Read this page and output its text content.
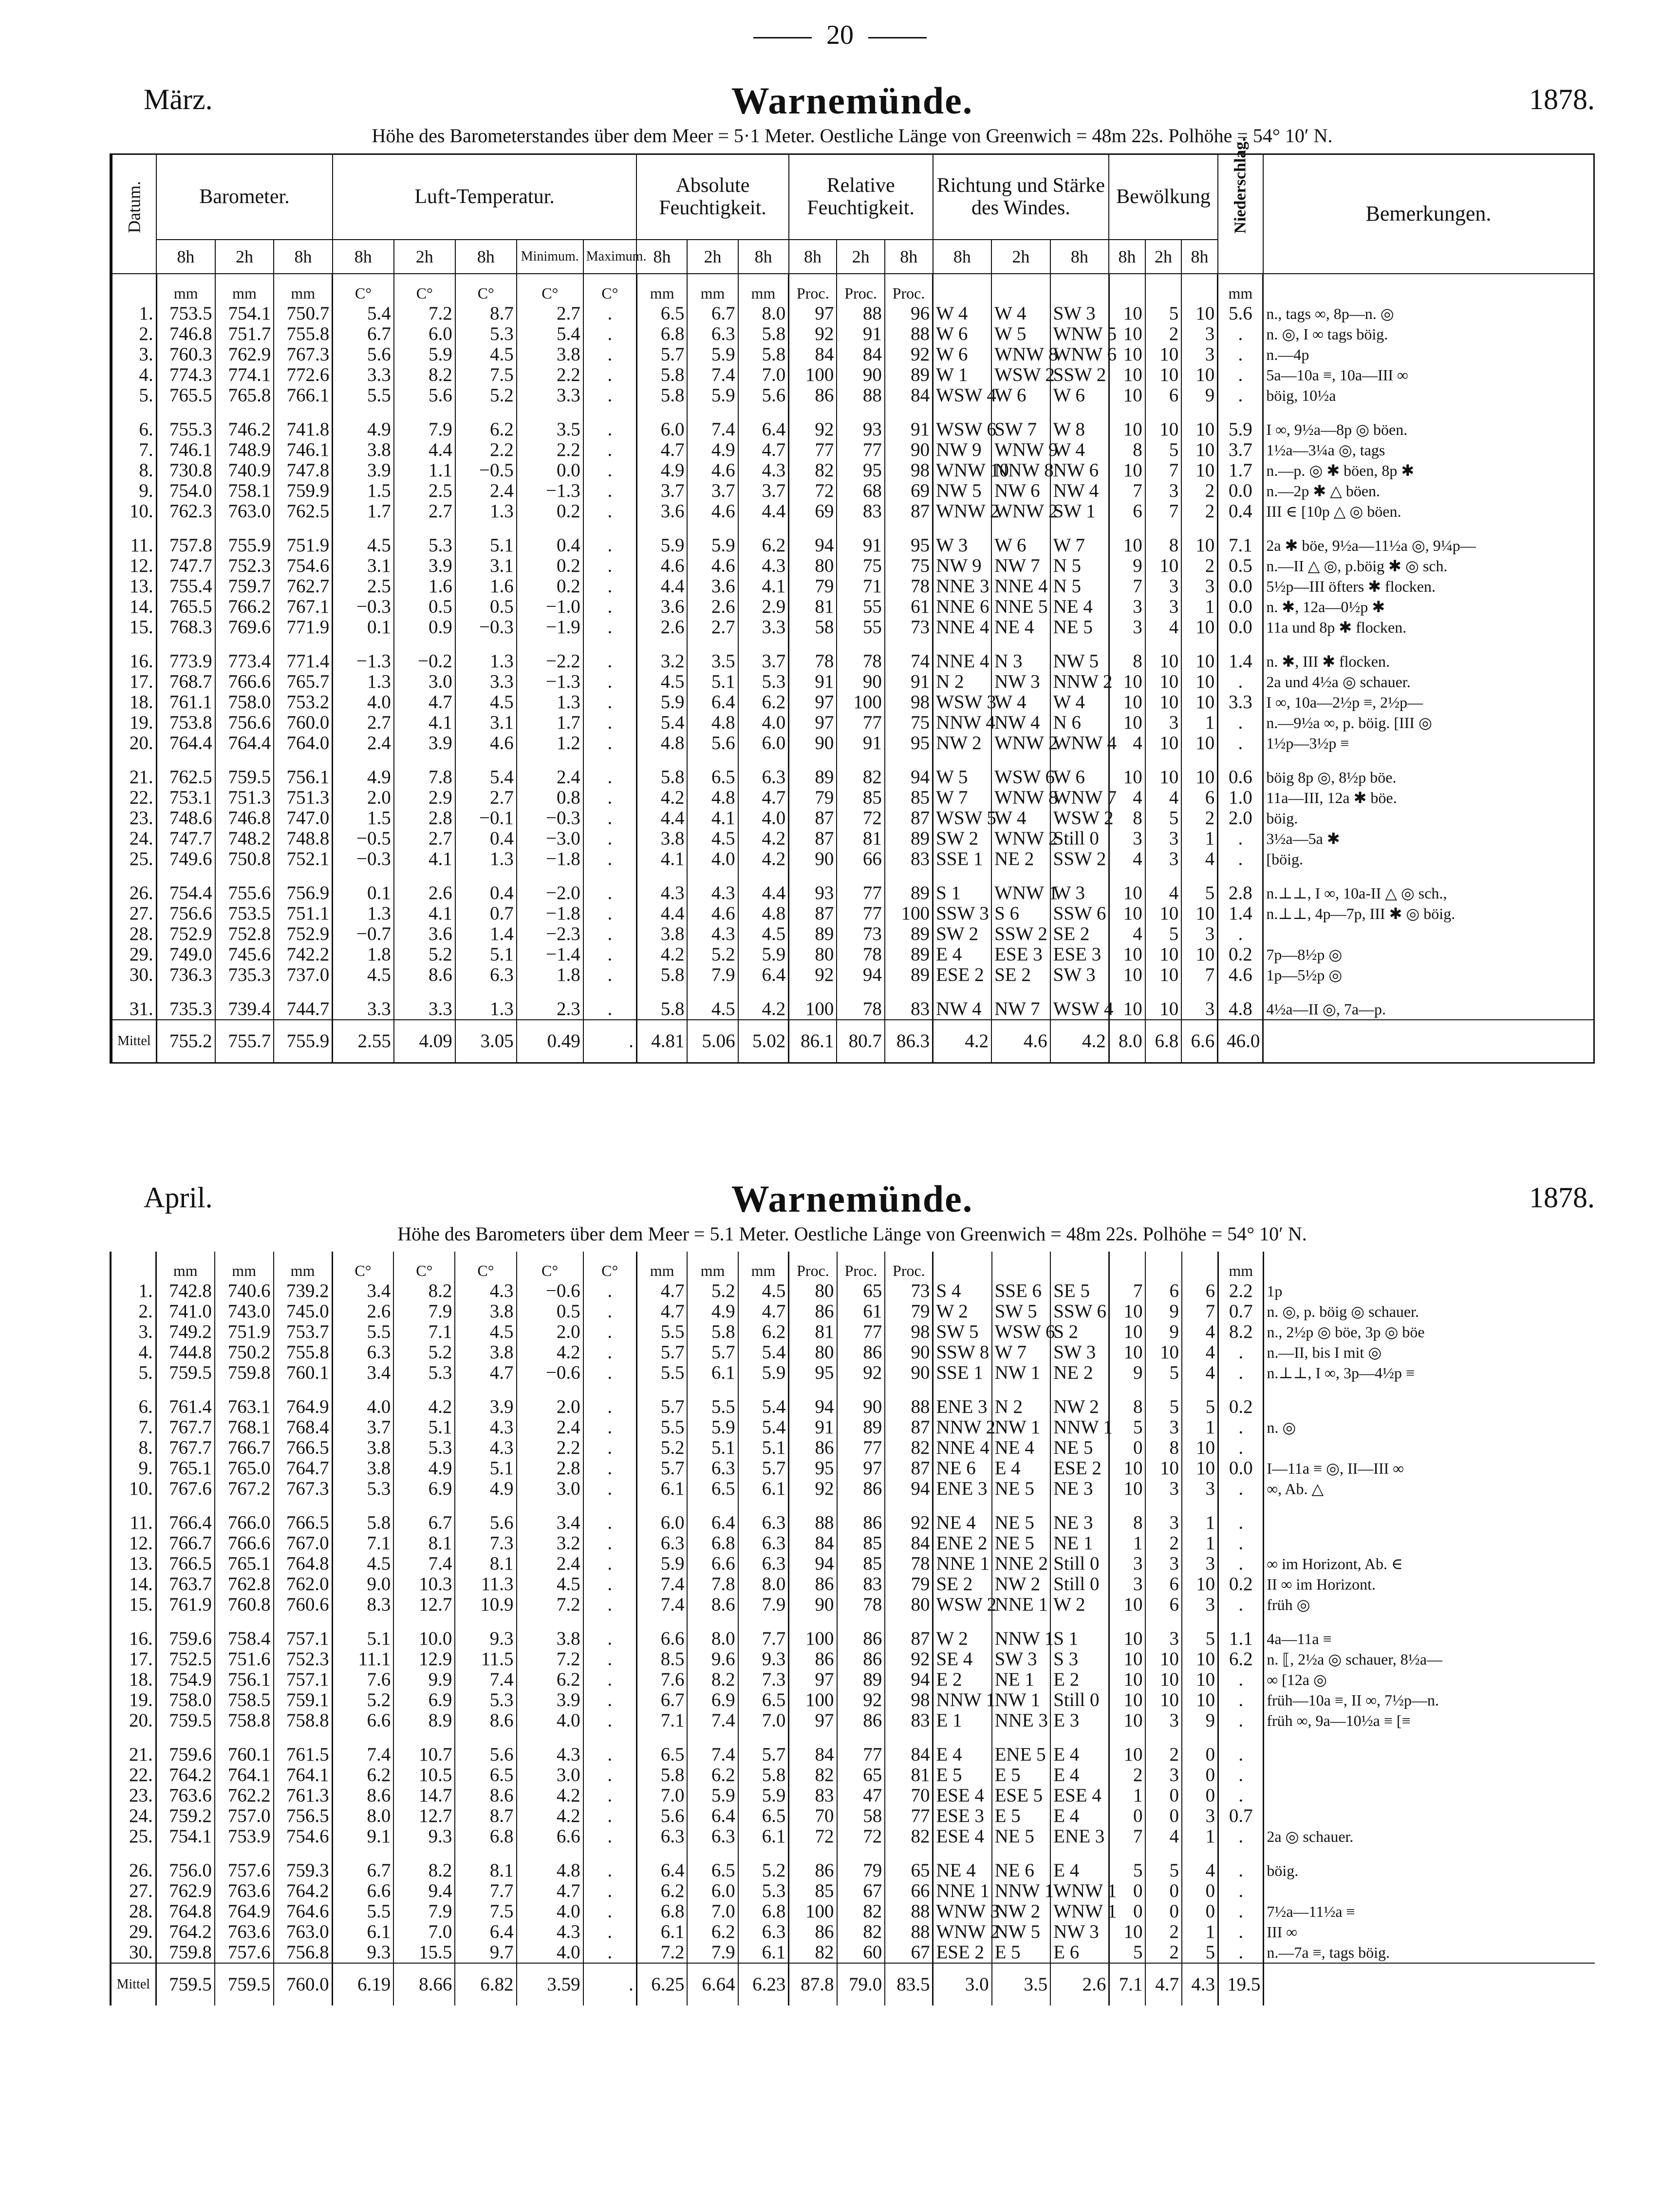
20
März.	Warnemünde.	1878.
Höhe des Barometerstandes über dem Meer = 5·1 Meter. Oestliche Länge von Greenwich = 48m 22s. Polhöhe = 54° 10′ N.
Datum.	Barometer.			Luft-Temperatur.					Absolute Feuchtigkeit.			Relative Feuchtigkeit.			Richtung und Stärke des Windes.			Bewölkung			Niederschlag.	Bemerkungen.
	8h	2h	8h	8h	2h	8h	Minimum.	Maximum.	8h	2h	8h	8h	2h	8h	8h	2h	8h	8h	2h	8h		
	mm	mm	mm	C°	C°	C°	C°	C°	mm	mm	mm	Proc.	Proc.	Proc.							mm	
1.	753.5	754.1	750.7	5.4	7.2	8.7	2.7	.	6.5	6.7	8.0	97	88	96	W 4	W 4	SW 3	10	5	10	5.6	n., tags ∞, 8p—n. ◎
2.	746.8	751.7	755.8	6.7	6.0	5.3	5.4	.	6.8	6.3	5.8	92	91	88	W 6	W 5	WNW 5	10	2	3	.	n. ◎, I ∞ tags böig.
3.	760.3	762.9	767.3	5.6	5.9	4.5	3.8	.	5.7	5.9	5.8	84	84	92	W 6	WNW 8	WNW 6	10	10	3	.	n.—4p
4.	774.3	774.1	772.6	3.3	8.2	7.5	2.2	.	5.8	7.4	7.0	100	90	89	W 1	WSW 2	SSW 2	10	10	10	.	5a—10a ≡, 10a—III ∞
5.	765.5	765.8	766.1	5.5	5.6	5.2	3.3	.	5.8	5.9	5.6	86	88	84	WSW 4	W 6	W 6	10	6	9	.	böig, 10½a

6.	755.3	746.2	741.8	4.9	7.9	6.2	3.5	.	6.0	7.4	6.4	92	93	91	WSW 6	SW 7	W 8	10	10	10	5.9	I ∞, 9½a—8p ◎ böen.
7.	746.1	748.9	746.1	3.8	4.4	2.2	2.2	.	4.7	4.9	4.7	77	77	90	NW 9	WNW 9	W 4	8	5	10	3.7	1½a—3¼a ◎, tags
8.	730.8	740.9	747.8	3.9	1.1	−0.5	0.0	.	4.9	4.6	4.3	82	95	98	WNW 10	NNW 8	NW 6	10	7	10	1.7	n.—p. ◎ ✱ böen, 8p ✱
9.	754.0	758.1	759.9	1.5	2.5	2.4	−1.3	.	3.7	3.7	3.7	72	68	69	NW 5	NW 6	NW 4	7	3	2	0.0	n.—2p ✱ △ böen.
10.	762.3	763.0	762.5	1.7	2.7	1.3	0.2	.	3.6	4.6	4.4	69	83	87	WNW 2	WNW 2	SW 1	6	7	2	0.4	III ∈ [10p △ ◎ böen.

11.	757.8	755.9	751.9	4.5	5.3	5.1	0.4	.	5.9	5.9	6.2	94	91	95	W 3	W 6	W 7	10	8	10	7.1	2a ✱ böe, 9½a—11½a ◎, 9¼p—
12.	747.7	752.3	754.6	3.1	3.9	3.1	0.2	.	4.6	4.6	4.3	80	75	75	NW 9	NW 7	N 5	9	10	2	0.5	n.—II △ ◎, p.böig ✱ ◎ sch.
13.	755.4	759.7	762.7	2.5	1.6	1.6	0.2	.	4.4	3.6	4.1	79	71	78	NNE 3	NNE 4	N 5	7	3	3	0.0	5½p—III öfters ✱ flocken.
14.	765.5	766.2	767.1	−0.3	0.5	0.5	−1.0	.	3.6	2.6	2.9	81	55	61	NNE 6	NNE 5	NE 4	3	3	1	0.0	n. ✱, 12a—0½p ✱
15.	768.3	769.6	771.9	0.1	0.9	−0.3	−1.9	.	2.6	2.7	3.3	58	55	73	NNE 4	NE 4	NE 5	3	4	10	0.0	11a und 8p ✱ flocken.

16.	773.9	773.4	771.4	−1.3	−0.2	1.3	−2.2	.	3.2	3.5	3.7	78	78	74	NNE 4	N 3	NW 5	8	10	10	1.4	n. ✱, III ✱ flocken.
17.	768.7	766.6	765.7	1.3	3.0	3.3	−1.3	.	4.5	5.1	5.3	91	90	91	N 2	NW 3	NNW 2	10	10	10	.	2a und 4½a ◎ schauer.
18.	761.1	758.0	753.2	4.0	4.7	4.5	1.3	.	5.9	6.4	6.2	97	100	98	WSW 3	W 4	W 4	10	10	10	3.3	I ∞, 10a—2½p ≡, 2½p—
19.	753.8	756.6	760.0	2.7	4.1	3.1	1.7	.	5.4	4.8	4.0	97	77	75	NNW 4	NW 4	N 6	10	3	1	.	n.—9½a ∞, p. böig. [III ◎
20.	764.4	764.4	764.0	2.4	3.9	4.6	1.2	.	4.8	5.6	6.0	90	91	95	NW 2	WNW 2	WNW 4	4	10	10	.	1½p—3½p ≡

21.	762.5	759.5	756.1	4.9	7.8	5.4	2.4	.	5.8	6.5	6.3	89	82	94	W 5	WSW 6	W 6	10	10	10	0.6	böig 8p ◎, 8½p böe.
22.	753.1	751.3	751.3	2.0	2.9	2.7	0.8	.	4.2	4.8	4.7	79	85	85	W 7	WNW 8	WNW 7	4	4	6	1.0	11a—III, 12a ✱ böe.
23.	748.6	746.8	747.0	1.5	2.8	−0.1	−0.3	.	4.4	4.1	4.0	87	72	87	WSW 5	W 4	WSW 2	8	5	2	2.0	böig.
24.	747.7	748.2	748.8	−0.5	2.7	0.4	−3.0	.	3.8	4.5	4.2	87	81	89	SW 2	WNW 2	Still 0	3	3	1	.	3½a—5a ✱
25.	749.6	750.8	752.1	−0.3	4.1	1.3	−1.8	.	4.1	4.0	4.2	90	66	83	SSE 1	NE 2	SSW 2	4	3	4	.	[böig.

26.	754.4	755.6	756.9	0.1	2.6	0.4	−2.0	.	4.3	4.3	4.4	93	77	89	S 1	WNW 1	W 3	10	4	5	2.8	n.⊥⊥, I ∞, 10a-II △ ◎ sch.,
27.	756.6	753.5	751.1	1.3	4.1	0.7	−1.8	.	4.4	4.6	4.8	87	77	100	SSW 3	S 6	SSW 6	10	10	10	1.4	n.⊥⊥, 4p—7p, III ✱ ◎ böig.
28.	752.9	752.8	752.9	−0.7	3.6	1.4	−2.3	.	3.8	4.3	4.5	89	73	89	SW 2	SSW 2	SE 2	4	5	3	.	
29.	749.0	745.6	742.2	1.8	5.2	5.1	−1.4	.	4.2	5.2	5.9	80	78	89	E 4	ESE 3	ESE 3	10	10	10	0.2	7p—8½p ◎
30.	736.3	735.3	737.0	4.5	8.6	6.3	1.8	.	5.8	7.9	6.4	92	94	89	ESE 2	SE 2	SW 3	10	10	7	4.6	1p—5½p ◎

31.	735.3	739.4	744.7	3.3	3.3	1.3	2.3	.	5.8	4.5	4.2	100	78	83	NW 4	NW 7	WSW 4	10	10	3	4.8	4½a—II ◎, 7a—p.
Mittel	755.2	755.7	755.9	2.55	4.09	3.05	0.49	.	4.81	5.06	5.02	86.1	80.7	86.3	4.2	4.6	4.2	8.0	6.8	6.6	46.0	
April.	Warnemünde.	1878.
Höhe des Barometers über dem Meer = 5.1 Meter. Oestliche Länge von Greenwich = 48m 22s. Polhöhe = 54° 10′ N.
	mm	mm	mm	C°	C°	C°	C°	C°	mm	mm	mm	Proc.	Proc.	Proc.							mm	
1.	742.8	740.6	739.2	3.4	8.2	4.3	−0.6	.	4.7	5.2	4.5	80	65	73	S 4	SSE 6	SE 5	7	6	6	2.2	1p
2.	741.0	743.0	745.0	2.6	7.9	3.8	0.5	.	4.7	4.9	4.7	86	61	79	W 2	SW 5	SSW 6	10	9	7	0.7	n. ◎, p. böig ◎ schauer.
3.	749.2	751.9	753.7	5.5	7.1	4.5	2.0	.	5.5	5.8	6.2	81	77	98	SW 5	WSW 6	S 2	10	9	4	8.2	n., 2½p ◎ böe, 3p ◎ böe
4.	744.8	750.2	755.8	6.3	5.2	3.8	4.2	.	5.7	5.7	5.4	80	86	90	SSW 8	W 7	SW 3	10	10	4	.	n.—II, bis I mit ◎
5.	759.5	759.8	760.1	3.4	5.3	4.7	−0.6	.	5.5	6.1	5.9	95	92	90	SSE 1	NW 1	NE 2	9	5	4	.	n.⊥⊥, I ∞, 3p—4½p ≡

6.	761.4	763.1	764.9	4.0	4.2	3.9	2.0	.	5.7	5.5	5.4	94	90	88	ENE 3	N 2	NW 2	8	5	5	0.2	
7.	767.7	768.1	768.4	3.7	5.1	4.3	2.4	.	5.5	5.9	5.4	91	89	87	NNW 2	NW 1	NNW 1	5	3	1	.	n. ◎
8.	767.7	766.7	766.5	3.8	5.3	4.3	2.2	.	5.2	5.1	5.1	86	77	82	NNE 4	NE 4	NE 5	0	8	10	.	
9.	765.1	765.0	764.7	3.8	4.9	5.1	2.8	.	5.7	6.3	5.7	95	97	87	NE 6	E 4	ESE 2	10	10	10	0.0	I—11a ≡ ◎, II—III ∞
10.	767.6	767.2	767.3	5.3	6.9	4.9	3.0	.	6.1	6.5	6.1	92	86	94	ENE 3	NE 5	NE 3	10	3	3	.	∞, Ab. △

11.	766.4	766.0	766.5	5.8	6.7	5.6	3.4	.	6.0	6.4	6.3	88	86	92	NE 4	NE 5	NE 3	8	3	1	.	
12.	766.7	766.6	767.0	7.1	8.1	7.3	3.2	.	6.3	6.8	6.3	84	85	84	ENE 2	NE 5	NE 1	1	2	1	.	
13.	766.5	765.1	764.8	4.5	7.4	8.1	2.4	.	5.9	6.6	6.3	94	85	78	NNE 1	NNE 2	Still 0	3	3	3	.	∞ im Horizont, Ab. ∈
14.	763.7	762.8	762.0	9.0	10.3	11.3	4.5	.	7.4	7.8	8.0	86	83	79	SE 2	NW 2	Still 0	3	6	10	0.2	II ∞ im Horizont.
15.	761.9	760.8	760.6	8.3	12.7	10.9	7.2	.	7.4	8.6	7.9	90	78	80	WSW 2	NNE 1	W 2	10	6	3	.	früh ◎

16.	759.6	758.4	757.1	5.1	10.0	9.3	3.8	.	6.6	8.0	7.7	100	86	87	W 2	NNW 1	S 1	10	3	5	1.1	4a—11a ≡
17.	752.5	751.6	752.3	11.1	12.9	11.5	7.2	.	8.5	9.6	9.3	86	86	92	SE 4	SW 3	S 3	10	10	10	6.2	n. ⟦, 2½a ◎ schauer, 8½a—
18.	754.9	756.1	757.1	7.6	9.9	7.4	6.2	.	7.6	8.2	7.3	97	89	94	E 2	NE 1	E 2	10	10	10	.	∞ [12a ◎
19.	758.0	758.5	759.1	5.2	6.9	5.3	3.9	.	6.7	6.9	6.5	100	92	98	NNW 1	NW 1	Still 0	10	10	10	.	früh—10a ≡, II ∞, 7½p—n.
20.	759.5	758.8	758.8	6.6	8.9	8.6	4.0	.	7.1	7.4	7.0	97	86	83	E 1	NNE 3	E 3	10	3	9	.	früh ∞, 9a—10½a ≡ [≡

21.	759.6	760.1	761.5	7.4	10.7	5.6	4.3	.	6.5	7.4	5.7	84	77	84	E 4	ENE 5	E 4	10	2	0	.	
22.	764.2	764.1	764.1	6.2	10.5	6.5	3.0	.	5.8	6.2	5.8	82	65	81	E 5	E 5	E 4	2	3	0	.	
23.	763.6	762.2	761.3	8.6	14.7	8.6	4.2	.	7.0	5.9	5.9	83	47	70	ESE 4	ESE 5	ESE 4	1	0	0	.	
24.	759.2	757.0	756.5	8.0	12.7	8.7	4.2	.	5.6	6.4	6.5	70	58	77	ESE 3	E 5	E 4	0	0	3	0.7	
25.	754.1	753.9	754.6	9.1	9.3	6.8	6.6	.	6.3	6.3	6.1	72	72	82	ESE 4	NE 5	ENE 3	7	4	1	.	2a ◎ schauer.

26.	756.0	757.6	759.3	6.7	8.2	8.1	4.8	.	6.4	6.5	5.2	86	79	65	NE 4	NE 6	E 4	5	5	4	.	böig.
27.	762.9	763.6	764.2	6.6	9.4	7.7	4.7	.	6.2	6.0	5.3	85	67	66	NNE 1	NNW 1	WNW 1	0	0	0	.	
28.	764.8	764.9	764.6	5.5	7.9	7.5	4.0	.	6.8	7.0	6.8	100	82	88	WNW 3	NW 2	WNW 1	0	0	0	.	7½a—11½a ≡
29.	764.2	763.6	763.0	6.1	7.0	6.4	4.3	.	6.1	6.2	6.3	86	82	88	WNW 2	NW 5	NW 3	10	2	1	.	III ∞
30.	759.8	757.6	756.8	9.3	15.5	9.7	4.0	.	7.2	7.9	6.1	82	60	67	ESE 2	E 5	E 6	5	2	5	.	n.—7a ≡, tags böig.
Mittel	759.5	759.5	760.0	6.19	8.66	6.82	3.59	.	6.25	6.64	6.23	87.8	79.0	83.5	3.0	3.5	2.6	7.1	4.7	4.3	19.5	
